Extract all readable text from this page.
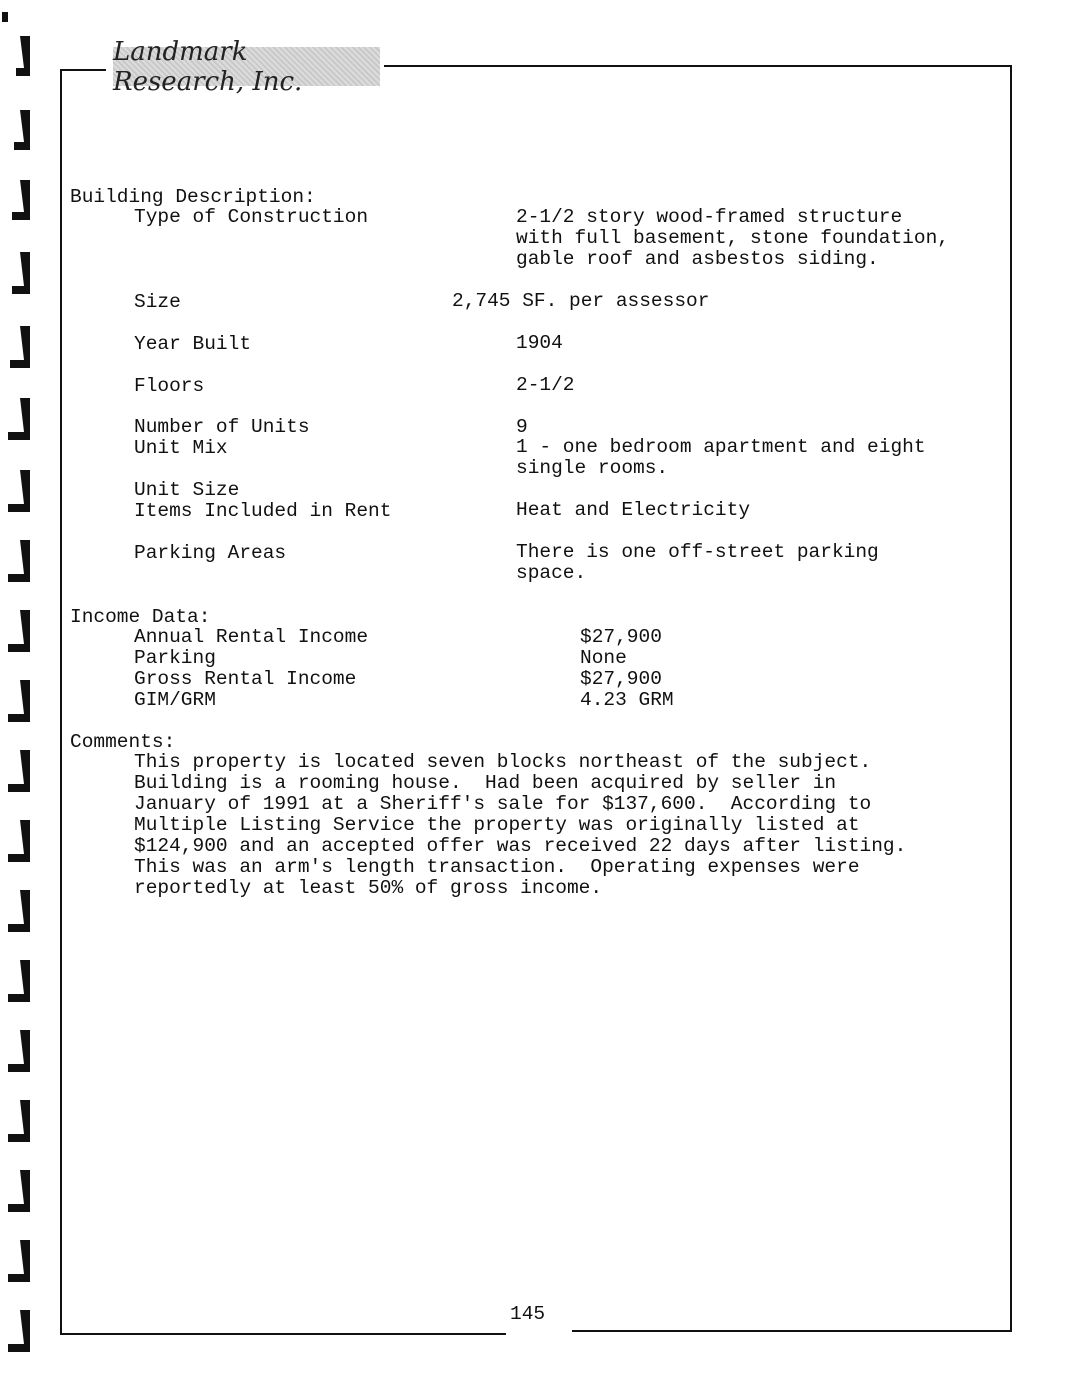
Landmark Research, Inc.
Building Description:
Type of Construction	2-1/2 story wood-framed structure
with full basement, stone foundation,
gable roof and asbestos siding.
Size	2,745 SF. per assessor
Year Built	1904
Floors	2-1/2
Number of Units	9
Unit Mix	1 - one bedroom apartment and eight
single rooms.
Unit Size
Items Included in Rent	Heat and Electricity
Parking Areas	There is one off-street parking
space.
Income Data:
Annual Rental Income	$27,900
Parking	None
Gross Rental Income	$27,900
GIM/GRM	4.23 GRM
Comments:
This property is located seven blocks northeast of the subject.
Building is a rooming house.  Had been acquired by seller in
January of 1991 at a Sheriff's sale for $137,600.  According to
Multiple Listing Service the property was originally listed at
$124,900 and an accepted offer was received 22 days after listing.
This was an arm's length transaction.  Operating expenses were
reportedly at least 50% of gross income.
145
